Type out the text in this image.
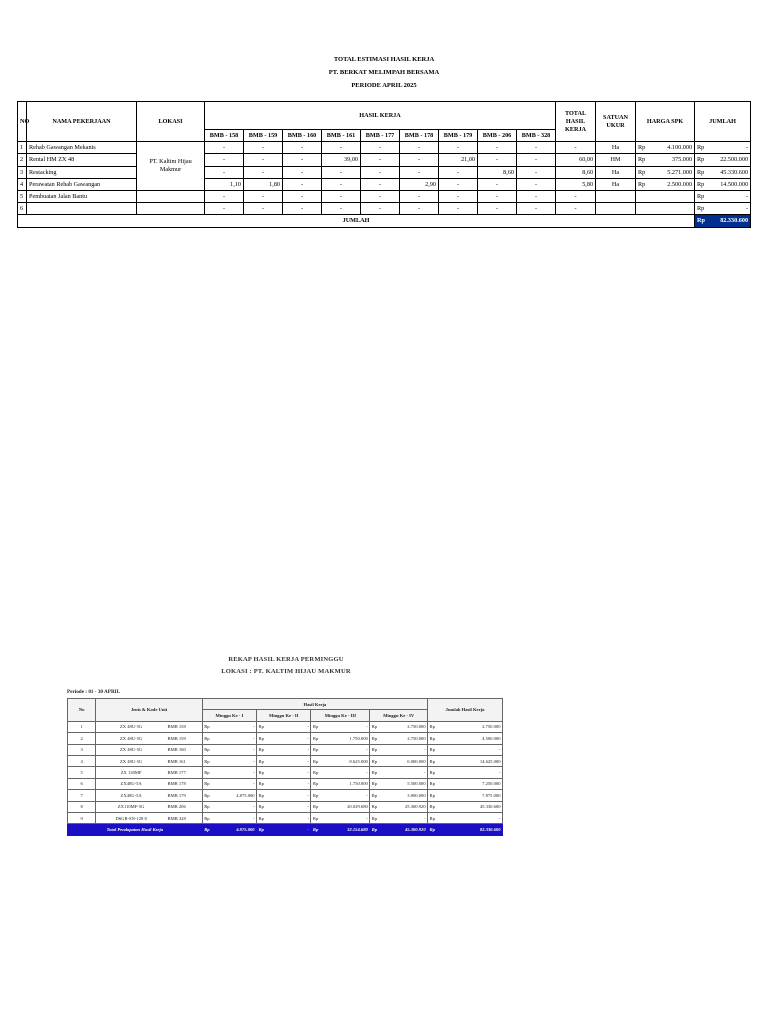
TOTAL ESTIMASI HASIL KERJA
PT. BERKAT MELIMPAH BERSAMA
PERIODE APRIL 2025
NO	NAMA PEKERJAAN	LOKASI	HASIL KERJA									TOTAL HASIL KERJA	SATUAN UKUR	HARGA SPK		JUMLAH	
			BMB - 158	BMB - 159	BMB - 160	BMB - 161	BMB - 177	BMB - 178	BMB - 179	BMB - 206	BMB - 328						
1	Rehab Gawangan Mekanis	PT. Kaltim Hijau Makmur	-	-	-	-	-	-	-	-	-	-	Ha	Rp	4.100.000	Rp	-
2	Rental HM ZX 48		-	-	-	39,00	-	-	21,00	-	-	60,00	HM	Rp	375.000	Rp	22.500.000
3	Restacking		-	-	-	-	-	-	-	8,60	-	8,60	Ha	Rp	5.271.000	Rp	45.330.600
4	Perawatan Rehab Gawangan		1,10	1,80	-	-	-	2,90	-	-	-	5,80	Ha	Rp	2.500.000	Rp	14.500.000
5	Pembuatan Jalan Bantu		-	-	-	-	-	-	-	-	-	-				Rp	-
6			-	-	-	-	-	-	-	-	-	-				Rp	-
JUMLAH																Rp	82.330.600
REKAP HASIL KERJA PERMINGGU
LOKASI : PT. KALTIM HIJAU MAKMUR
Periode : 01 - 30 APRIL
No	Jenis & Kode Unit		Hasil Kerja								Jumlah Hasil Kerja	
			Minggu Ke - I		Minggu Ke - II		Minggu Ke - III		Minggu Ke - IV			
1	ZX 48U-5G	BMB 158	Rp	-	Rp	-	Rp	-	Rp	2.750.000	Rp	2.750.000
2	ZX 48U-5G	BMB 159	Rp	-	Rp	-	Rp	1.750.000	Rp	2.750.000	Rp	4.500.000
3	ZX 48U-5G	BMB 160	Rp	-	Rp	-	Rp	-	Rp	-	Rp	-
4	ZX 48U-5G	BMB 161	Rp	-	Rp	-	Rp	8.625.000	Rp	6.000.000	Rp	14.625.000
5	ZX 130MF	BMB 177	Rp	-	Rp	-	Rp	-	Rp	-	Rp	-
6	ZX48U-5A	BMB 178	Rp	-	Rp	-	Rp	1.750.000	Rp	5.500.000	Rp	7.250.000
7	ZX48U-5A	BMB 179	Rp	4.875.000	Rp	-	Rp	-	Rp	3.000.000	Rp	7.875.000
8	ZX110MF-5G	BMB 206	Rp	-	Rp	-	Rp	20.029.680	Rp	25.300.920	Rp	45.330.600
9	D6GR-SN-128 8	BMB 328	Rp	-	Rp	-	Rp	-	Rp	-	Rp	-
Total Pendapatan Hasil Kerja			Rp	4.875.000	Rp	-	Rp	32.154.680	Rp	45.300.920	Rp	82.330.600
